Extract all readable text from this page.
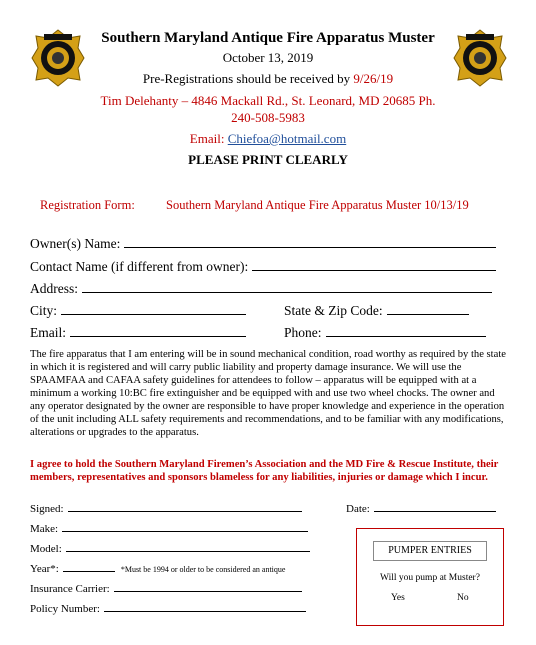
Southern Maryland Antique Fire Apparatus Muster
October 13, 2019
Pre-Registrations should be received by 9/26/19
Tim Delehanty – 4846 Mackall Rd., St. Leonard, MD 20685 Ph.
240-508-5983
Email: Chiefoa@hotmail.com
PLEASE PRINT CLEARLY
Registration Form: Southern Maryland Antique Fire Apparatus Muster 10/13/19
Owner(s) Name:
Contact Name (if different from owner):
Address:
City:	State & Zip Code:
Email:	Phone:
The fire apparatus that I am entering will be in sound mechanical condition, road worthy as required by the state in which it is registered and will carry public liability and property damage insurance. We will use the SPAAMFAA and CAFAA safety guidelines for attendees to follow – apparatus will be equipped with at a minimum a working 10:BC fire extinguisher and be equipped with and use two wheel chocks. The owner and any operator designated by the owner are responsible to have proper knowledge and experience in the operation of the unit including ALL safety requirements and recommendations, and to be familiar with any modifications, alterations or upgrades to the apparatus.
I agree to hold the Southern Maryland Firemen’s Association and the MD Fire & Rescue Institute, their members, representatives and sponsors blameless for any liabilities, injuries or damage which I incur.
Signed:	Date:
Make:
Model:
Year*:	*Must be 1994 or older to be considered an antique
Insurance Carrier:
Policy Number:
PUMPER ENTRIES
Will you pump at Muster?
Yes	No
